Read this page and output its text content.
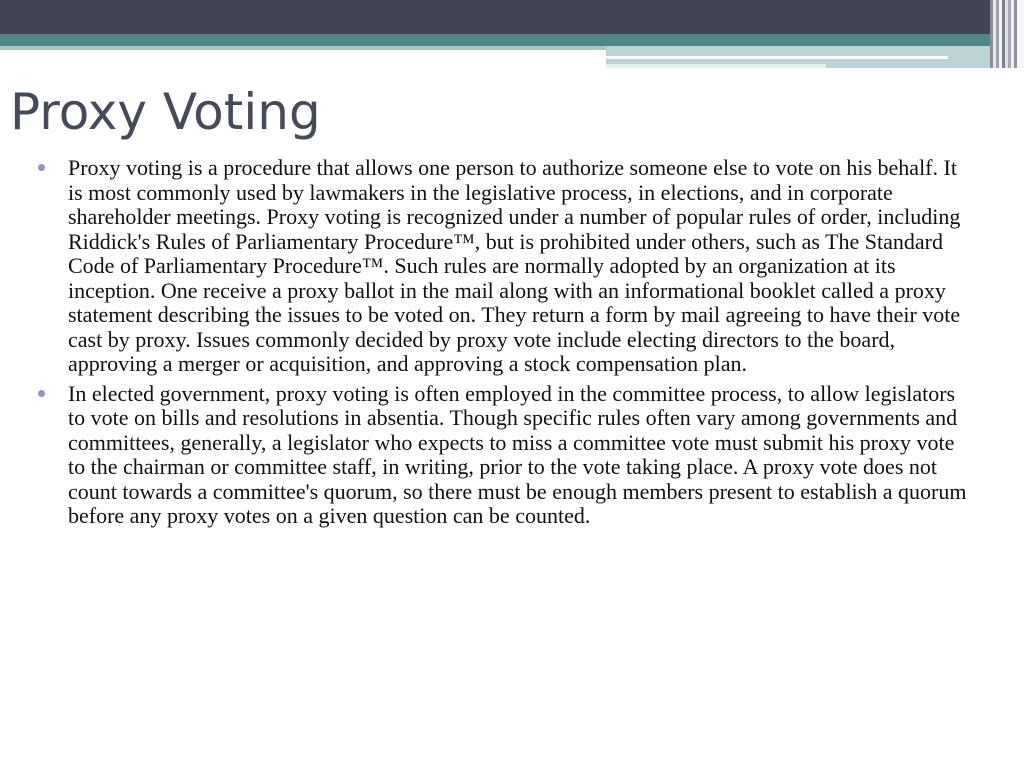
Proxy Voting
Proxy voting is a procedure that allows one person to authorize someone else to vote on his behalf. It is most commonly used by lawmakers in the legislative process, in elections, and in corporate shareholder meetings. Proxy voting is recognized under a number of popular rules of order, including Riddick's Rules of Parliamentary Procedure™, but is prohibited under others, such as The Standard Code of Parliamentary Procedure™. Such rules are normally adopted by an organization at its inception. One receive a proxy ballot in the mail along with an informational booklet called a proxy statement describing the issues to be voted on. They return a form by mail agreeing to have their vote cast by proxy. Issues commonly decided by proxy vote include electing directors to the board, approving a merger or acquisition, and approving a stock compensation plan.
In elected government, proxy voting is often employed in the committee process, to allow legislators to vote on bills and resolutions in absentia. Though specific rules often vary among governments and committees, generally, a legislator who expects to miss a committee vote must submit his proxy vote to the chairman or committee staff, in writing, prior to the vote taking place. A proxy vote does not count towards a committee's quorum, so there must be enough members present to establish a quorum before any proxy votes on a given question can be counted.
